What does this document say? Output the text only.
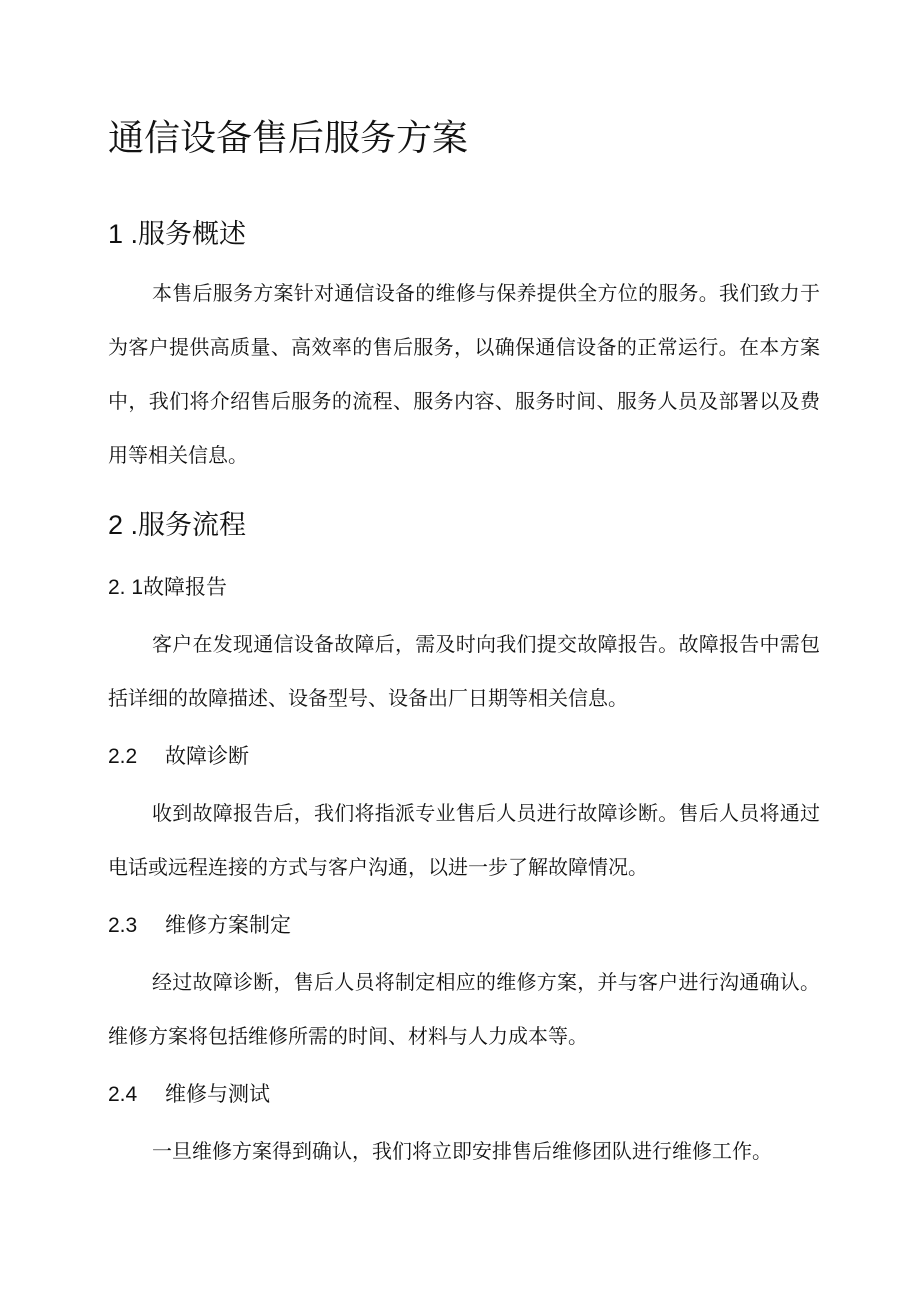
通信设备售后服务方案
1 .服务概述
本售后服务方案针对通信设备的维修与保养提供全方位的服务。我们致力于为客户提供高质量、高效率的售后服务，以确保通信设备的正常运行。在本方案中，我们将介绍售后服务的流程、服务内容、服务时间、服务人员及部署以及费用等相关信息。
2 .服务流程
2. 1故障报告
客户在发现通信设备故障后，需及时向我们提交故障报告。故障报告中需包括详细的故障描述、设备型号、设备出厂日期等相关信息。
2.2 故障诊断
收到故障报告后，我们将指派专业售后人员进行故障诊断。售后人员将通过电话或远程连接的方式与客户沟通，以进一步了解故障情况。
2.3 维修方案制定
经过故障诊断，售后人员将制定相应的维修方案，并与客户进行沟通确认。维修方案将包括维修所需的时间、材料与人力成本等。
2.4 维修与测试
一旦维修方案得到确认，我们将立即安排售后维修团队进行维修工作。
